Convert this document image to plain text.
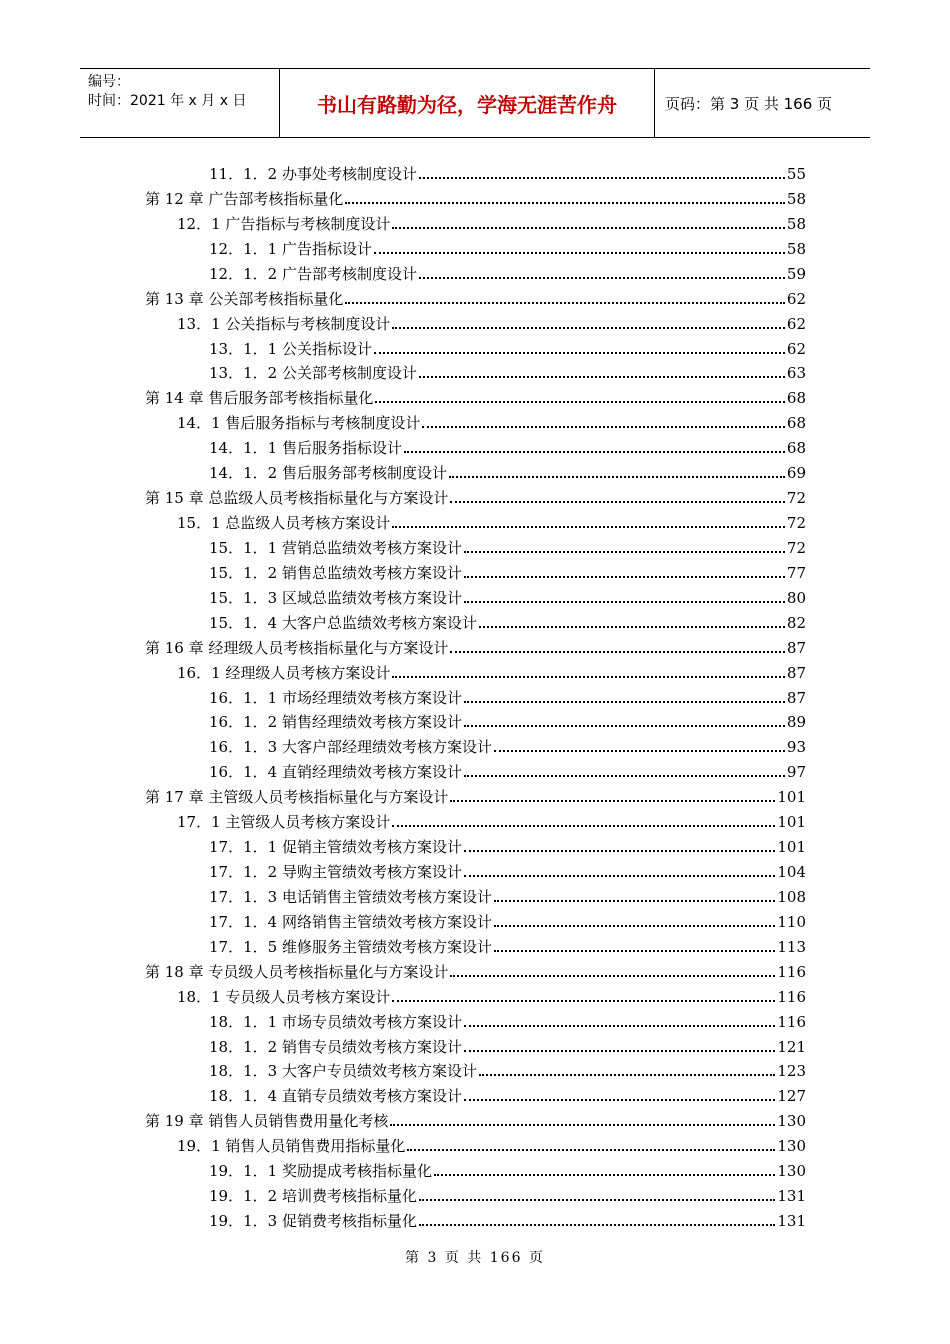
编号：
时间：2021 年 x 月 x 日	书山有路勤为径，学海无涯苦作舟	页码：第 3 页 共 166 页
11．1．2 办事处考核制度设计	55
第 12 章 广告部考核指标量化	58
12．1 广告指标与考核制度设计	58
12．1．1 广告指标设计	58
12．1．2 广告部考核制度设计	59
第 13 章 公关部考核指标量化	62
13．1 公关指标与考核制度设计	62
13．1．1 公关指标设计	62
13．1．2 公关部考核制度设计	63
第 14 章 售后服务部考核指标量化	68
14．1 售后服务指标与考核制度设计	68
14．1．1 售后服务指标设计	68
14．1．2 售后服务部考核制度设计	69
第 15 章 总监级人员考核指标量化与方案设计	72
15．1 总监级人员考核方案设计	72
15．1．1 营销总监绩效考核方案设计	72
15．1．2 销售总监绩效考核方案设计	77
15．1．3 区域总监绩效考核方案设计	80
15．1．4 大客户总监绩效考核方案设计	82
第 16 章 经理级人员考核指标量化与方案设计	87
16．1 经理级人员考核方案设计	87
16．1．1 市场经理绩效考核方案设计	87
16．1．2 销售经理绩效考核方案设计	89
16．1．3 大客户部经理绩效考核方案设计	93
16．1．4 直销经理绩效考核方案设计	97
第 17 章 主管级人员考核指标量化与方案设计	101
17．1 主管级人员考核方案设计	101
17．1．1 促销主管绩效考核方案设计	101
17．1．2 导购主管绩效考核方案设计	104
17．1．3 电话销售主管绩效考核方案设计	108
17．1．4 网络销售主管绩效考核方案设计	110
17．1．5 维修服务主管绩效考核方案设计	113
第 18 章 专员级人员考核指标量化与方案设计	116
18．1 专员级人员考核方案设计	116
18．1．1 市场专员绩效考核方案设计	116
18．1．2 销售专员绩效考核方案设计	121
18．1．3 大客户专员绩效考核方案设计	123
18．1．4 直销专员绩效考核方案设计	127
第 19 章 销售人员销售费用量化考核	130
19．1 销售人员销售费用指标量化	130
19．1．1 奖励提成考核指标量化	130
19．1．2 培训费考核指标量化	131
19．1．3 促销费考核指标量化	131
第 3 页 共 166 页
